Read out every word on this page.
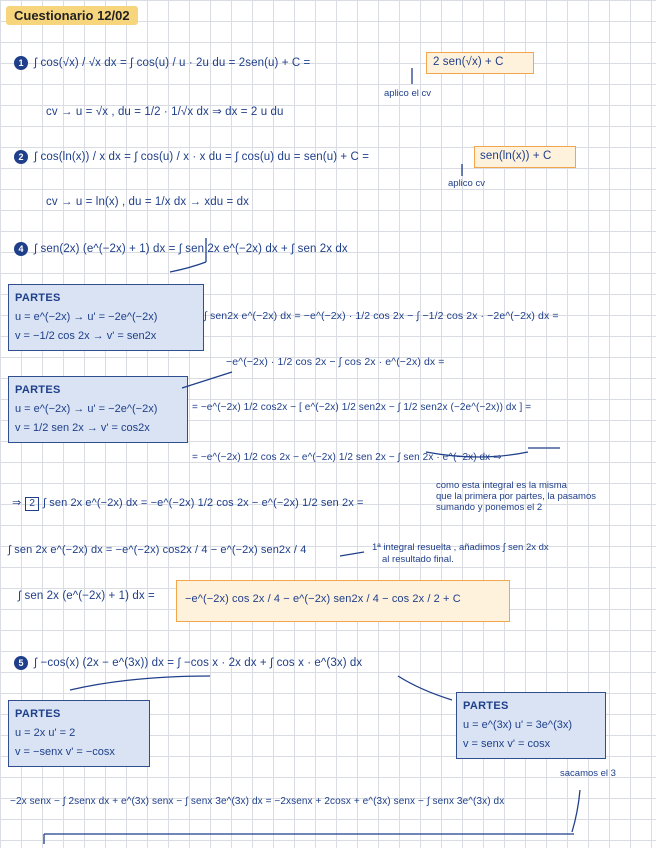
Cuestionario 12/02
1 ∫ cos(√x) / √x dx = ∫ cos(u) / u · 2u du = 2sen(u) + C =	2 sen(√x) + C
aplico el cv
cv → u = √x , du = 1/2 · 1/√x dx ⇒ dx = 2 u du
2 ∫ cos(ln(x)) / x dx = ∫ cos(u) / x · x du = ∫ cos(u) du = sen(u) + C =	sen(ln(x)) + C
aplico cv
cv → u = ln(x) , du = 1/x dx → xdu = dx
4 ∫ sen(2x) (e^(−2x) + 1) dx = ∫ sen 2x e^(−2x) dx + ∫ sen 2x dx
PARTES
u = e^(−2x) → u' = −2e^(−2x)
v = −1/2 cos 2x → v' = sen2x
∫ sen2x e^(−2x) dx = −e^(−2x) · 1/2 cos 2x − ∫ −1/2 cos 2x · −2e^(−2x) dx =
−e^(−2x) · 1/2 cos 2x − ∫ cos 2x · e^(−2x) dx =
PARTES
u = e^(−2x) → u' = −2e^(−2x)
v = 1/2 sen 2x → v' = cos2x
= −e^(−2x) 1/2 cos2x − [ e^(−2x) 1/2 sen2x − ∫ 1/2 sen2x (−2e^(−2x)) dx ] =
= −e^(−2x) 1/2 cos 2x − e^(−2x) 1/2 sen 2x − ∫ sen 2x · e^(−2x) dx ⇒
como esta integral es la misma
que la primera por partes, la pasamos
sumando y ponemos el 2
⇒ 2 ∫ sen 2x e^(−2x) dx = −e^(−2x) 1/2 cos 2x − e^(−2x) 1/2 sen 2x =
∫ sen 2x e^(−2x) dx = −e^(−2x) cos2x / 4 − e^(−2x) sen2x / 4	1ª integral resuelta , añadimos ∫ sen 2x dx
al resultado final.
∫ sen 2x (e^(−2x) + 1) dx =	−e^(−2x) cos 2x / 4 − e^(−2x) sen2x / 4 − cos 2x / 2 + C
5 ∫ −cos(x) (2x − e^(3x)) dx = ∫ −cos x · 2x dx + ∫ cos x · e^(3x) dx
PARTES
u = 2x u' = 2
v = −senx v' = −cosx
PARTES
u = e^(3x) u' = 3e^(3x)
v = senx v' = cosx
sacamos el 3
−2x senx − ∫ 2senx dx + e^(3x) senx − ∫ senx 3e^(3x) dx = −2xsenx + 2cosx + e^(3x) senx − ∫ senx 3e^(3x) dx
